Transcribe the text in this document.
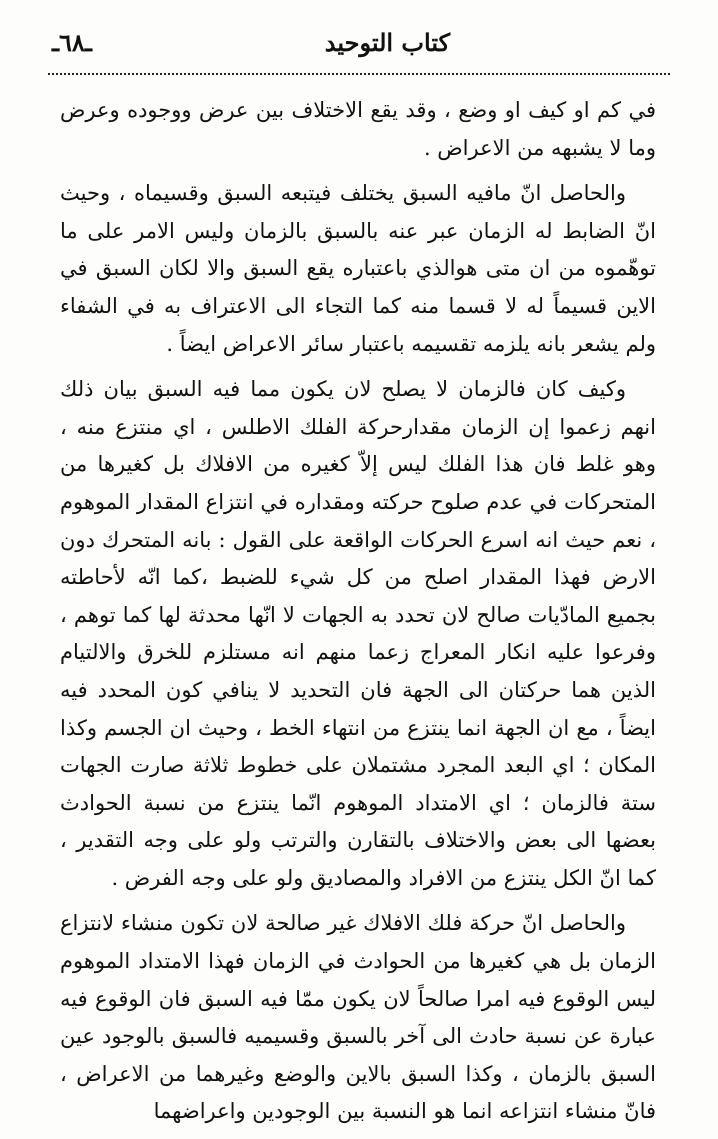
ـ٦٨ـ	كتاب التوحيد

في كم او كيف او وضع ، وقد يقع الاختلاف بين عرض ووجوده وعرض وما لا يشبهه من الاعراض .

والحاصل انّ مافيه السبق يختلف فيتبعه السبق وقسيماه ، وحيث انّ الضابط له الزمان عبر عنه بالسبق بالزمان وليس الامر على ما توهّموه من ان متى هوالذي باعتباره يقع السبق والا لكان السبق في الاين قسيماً له لا قسما منه كما التجاء الى الاعتراف به في الشفاء ولم يشعر بانه يلزمه تقسيمه باعتبار سائر الاعراض ايضاً .

وكيف كان فالزمان لا يصلح لان يكون مما فيه السبق بيان ذلك انهم زعموا إن الزمان مقدارحركة الفلك الاطلس ، اي منتزع منه ، وهو غلط فان هذا الفلك ليس إلاّ كغيره من الافلاك بل كغيرها من المتحركات في عدم صلوح حركته ومقداره في انتزاع المقدار الموهوم ، نعم حيث انه اسرع الحركات الواقعة على القول : بانه المتحرك دون الارض فهذا المقدار اصلح من كل شيء للضبط ،كما انّه لأحاطته بجميع المادّيات صالح لان تحدد به الجهات لا انّها محدثة لها كما توهم ، وفرعوا عليه انكار المعراج زعما منهم انه مستلزم للخرق والالتيام الذين هما حركتان الى الجهة فان التحديد لا ينافي كون المحدد فيه ايضاً ، مع ان الجهة انما ينتزع من انتهاء الخط ، وحيث ان الجسم وكذا المكان ؛ اي البعد المجرد مشتملان على خطوط ثلاثة صارت الجهات ستة فالزمان ؛ اي الامتداد الموهوم انّما ينتزع من نسبة الحوادث بعضها الى بعض والاختلاف بالتقارن والترتب ولو على وجه التقدير ، كما انّ الكل ينتزع من الافراد والمصاديق ولو على وجه الفرض .

والحاصل انّ حركة فلك الافلاك غير صالحة لان تكون منشاء لانتزاع الزمان بل هي كغيرها من الحوادث في الزمان فهذا الامتداد الموهوم ليس الوقوع فيه امرا صالحاً لان يكون ممّا فيه السبق فان الوقوع فيه عبارة عن نسبة حادث الى آخر بالسبق وقسيميه فالسبق بالوجود عين السبق بالزمان ، وكذا السبق بالاين والوضع وغيرهما من الاعراض ، فانّ منشاء انتزاعه انما هو النسبة بين الوجودين واعراضهما
